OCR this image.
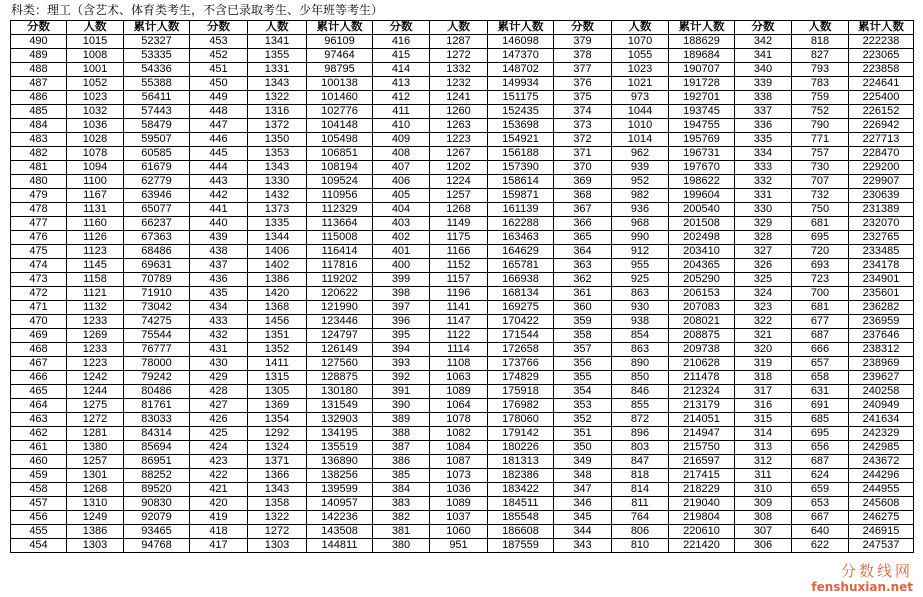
科类：理工（含艺术、体育类考生，不含已录取考生、少年班等考生）
分数	人数	累计人数	分数	人数	累计人数	分数	人数	累计人数	分数	人数	累计人数	分数	人数	累计人数
490	1015	52327	453	1341	96109	416	1287	146098	379	1070	188629	342	818	222238
489	1008	53335	452	1355	97464	415	1272	147370	378	1055	189684	341	827	223065
488	1001	54336	451	1331	98795	414	1332	148702	377	1023	190707	340	793	223858
487	1052	55388	450	1343	100138	413	1232	149934	376	1021	191728	339	783	224641
486	1023	56411	449	1322	101460	412	1241	151175	375	973	192701	338	759	225400
485	1032	57443	448	1316	102776	411	1260	152435	374	1044	193745	337	752	226152
484	1036	58479	447	1372	104148	410	1263	153698	373	1010	194755	336	790	226942
483	1028	59507	446	1350	105498	409	1223	154921	372	1014	195769	335	771	227713
482	1078	60585	445	1353	106851	408	1267	156188	371	962	196731	334	757	228470
481	1094	61679	444	1343	108194	407	1202	157390	370	939	197670	333	730	229200
480	1100	62779	443	1330	109524	406	1224	158614	369	952	198622	332	707	229907
479	1167	63946	442	1432	110956	405	1257	159871	368	982	199604	331	732	230639
478	1131	65077	441	1373	112329	404	1268	161139	367	936	200540	330	750	231389
477	1160	66237	440	1335	113664	403	1149	162288	366	968	201508	329	681	232070
476	1126	67363	439	1344	115008	402	1175	163463	365	990	202498	328	695	232765
475	1123	68486	438	1406	116414	401	1166	164629	364	912	203410	327	720	233485
474	1145	69631	437	1402	117816	400	1152	165781	363	955	204365	326	693	234178
473	1158	70789	436	1386	119202	399	1157	166938	362	925	205290	325	723	234901
472	1121	71910	435	1420	120622	398	1196	168134	361	863	206153	324	700	235601
471	1132	73042	434	1368	121990	397	1141	169275	360	930	207083	323	681	236282
470	1233	74275	433	1456	123446	396	1147	170422	359	938	208021	322	677	236959
469	1269	75544	432	1351	124797	395	1122	171544	358	854	208875	321	687	237646
468	1233	76777	431	1352	126149	394	1114	172658	357	863	209738	320	666	238312
467	1223	78000	430	1411	127560	393	1108	173766	356	890	210628	319	657	238969
466	1242	79242	429	1315	128875	392	1063	174829	355	850	211478	318	658	239627
465	1244	80486	428	1305	130180	391	1089	175918	354	846	212324	317	631	240258
464	1275	81761	427	1369	131549	390	1064	176982	353	855	213179	316	691	240949
463	1272	83033	426	1354	132903	389	1078	178060	352	872	214051	315	685	241634
462	1281	84314	425	1292	134195	388	1082	179142	351	896	214947	314	695	242329
461	1380	85694	424	1324	135519	387	1084	180226	350	803	215750	313	656	242985
460	1257	86951	423	1371	136890	386	1087	181313	349	847	216597	312	687	243672
459	1301	88252	422	1366	138256	385	1073	182386	348	818	217415	311	624	244296
458	1268	89520	421	1343	139599	384	1036	183422	347	814	218229	310	659	244955
457	1310	90830	420	1358	140957	383	1089	184511	346	811	219040	309	653	245608
456	1249	92079	419	1322	142236	382	1037	185548	345	764	219804	308	667	246275
455	1386	93465	418	1272	143508	381	1060	186608	344	806	220610	307	640	246915
454	1303	94768	417	1303	144811	380	951	187559	343	810	221420	306	622	247537
分数线网
fenshuxian.net
